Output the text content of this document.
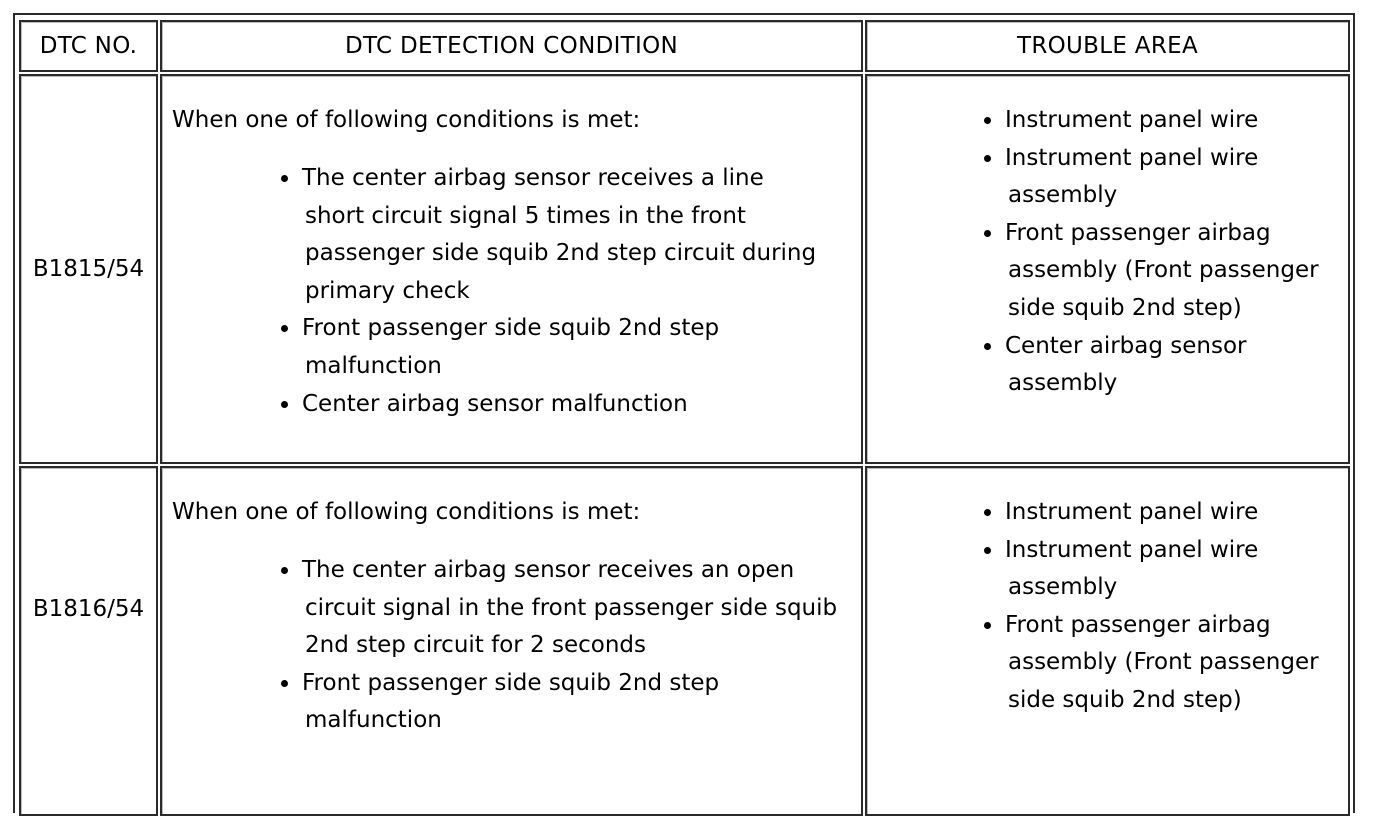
DTC NO.	DTC DETECTION CONDITION	TROUBLE AREA
B1815/54
When one of following conditions is met:
The center airbag sensor receives a line short circuit signal 5 times in the front passenger side squib 2nd step circuit during primary check
Front passenger side squib 2nd step malfunction
Center airbag sensor malfunction
Instrument panel wire
Instrument panel wire assembly
Front passenger airbag assembly (Front passenger side squib 2nd step)
Center airbag sensor assembly
B1816/54
When one of following conditions is met:
The center airbag sensor receives an open circuit signal in the front passenger side squib 2nd step circuit for 2 seconds
Front passenger side squib 2nd step malfunction
Instrument panel wire
Instrument panel wire assembly
Front passenger airbag assembly (Front passenger side squib 2nd step)
